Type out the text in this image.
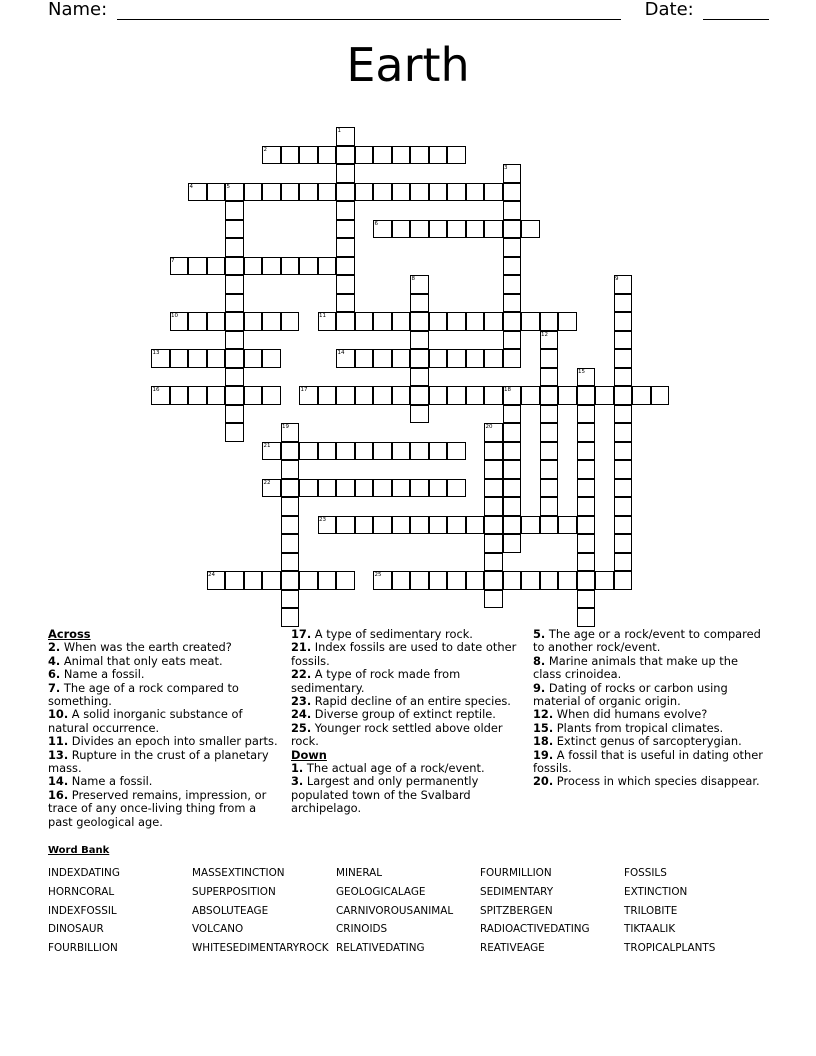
Name:	Date:
Earth
1
2
3
4	5
6
7
8	9
10	11
12
13	14
15
16	17	18
19	20
21
22
23
24	25
Across
2. When was the earth created?
4. Animal that only eats meat.
6. Name a fossil.
7. The age of a rock compared to something.
10. A solid inorganic substance of natural occurrence.
11. Divides an epoch into smaller parts.
13. Rupture in the crust of a planetary mass.
14. Name a fossil.
16. Preserved remains, impression, or trace of any once-living thing from a past geological age.
17. A type of sedimentary rock.
21. Index fossils are used to date other fossils.
22. A type of rock made from sedimentary.
23. Rapid decline of an entire species.
24. Diverse group of extinct reptile.
25. Younger rock settled above older rock.
Down
1. The actual age of a rock/event.
3. Largest and only permanently populated town of the Svalbard archipelago.
5. The age or a rock/event to compared to another rock/event.
8. Marine animals that make up the class crinoidea.
9. Dating of rocks or carbon using material of organic origin.
12. When did humans evolve?
15. Plants from tropical climates.
18. Extinct genus of sarcopterygian.
19. A fossil that is useful in dating other fossils.
20. Process in which species disappear.
Word Bank
INDEXDATING	MASSEXTINCTION	MINERAL	FOURMILLION	FOSSILS
HORNCORAL	SUPERPOSITION	GEOLOGICALAGE	SEDIMENTARY	EXTINCTION
INDEXFOSSIL	ABSOLUTEAGE	CARNIVOROUSANIMAL	SPITZBERGEN	TRILOBITE
DINOSAUR	VOLCANO	CRINOIDS	RADIOACTIVEDATING	TIKTAALIK
FOURBILLION	WHITESEDIMENTARYROCK RELATIVEDATING	REATIVEAGE	TROPICALPLANTS
